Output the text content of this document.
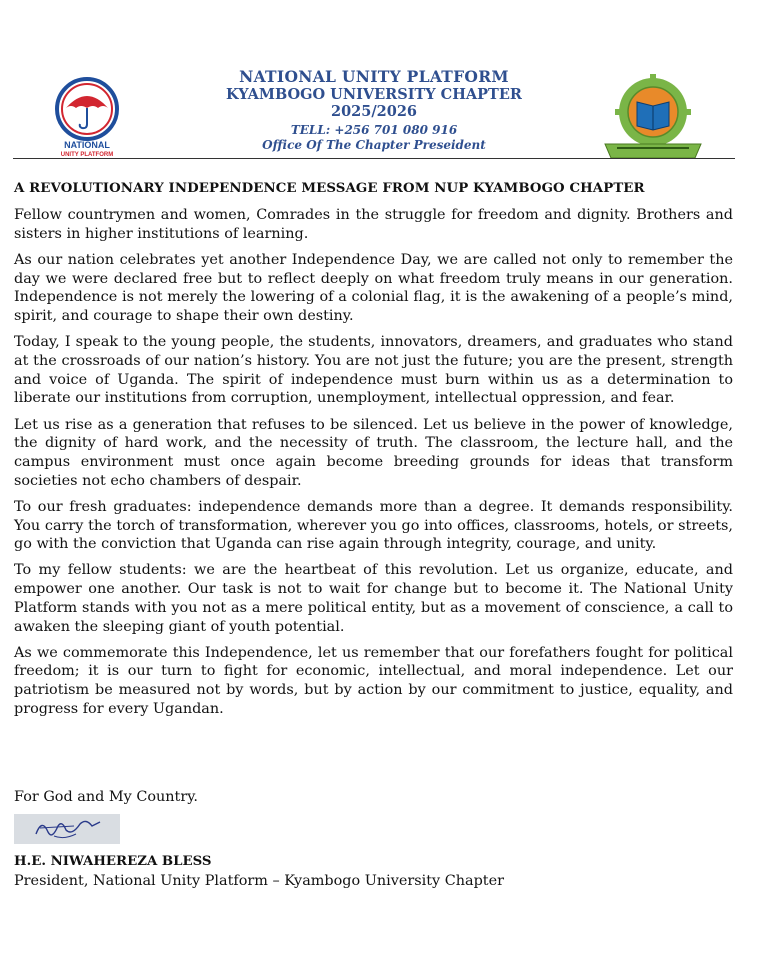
NATIONAL
UNITY PLATFORM
NATIONAL UNITY PLATFORM
KYAMBOGO UNIVERSITY CHAPTER
2025/2026
TELL: +256 701 080 916
Office Of The Chapter Preseident
A REVOLUTIONARY INDEPENDENCE MESSAGE FROM NUP KYAMBOGO CHAPTER

Fellow countrymen and women, Comrades in the struggle for freedom and dignity. Brothers and sisters in higher institutions of learning.

As our nation celebrates yet another Independence Day, we are called not only to remember the day we were declared free but to reflect deeply on what freedom truly means in our generation. Independence is not merely the lowering of a colonial flag, it is the awakening of a people’s mind, spirit, and courage to shape their own destiny.

Today, I speak to the young people, the students, innovators, dreamers, and graduates who stand at the crossroads of our nation’s history. You are not just the future; you are the present, strength and voice of Uganda. The spirit of independence must burn within us as a determination to liberate our institutions from corruption, unemployment, intellectual oppression, and fear.

Let us rise as a generation that refuses to be silenced. Let us believe in the power of knowledge, the dignity of hard work, and the necessity of truth. The classroom, the lecture hall, and the campus environment must once again become breeding grounds for ideas that transform societies not echo chambers of despair.

To our fresh graduates: independence demands more than a degree. It demands responsibility. You carry the torch of transformation, wherever you go into offices, classrooms, hotels, or streets, go with the conviction that Uganda can rise again through integrity, courage, and unity.

To my fellow students: we are the heartbeat of this revolution. Let us organize, educate, and empower one another. Our task is not to wait for change but to become it. The National Unity Platform stands with you not as a mere political entity, but as a movement of conscience, a call to awaken the sleeping giant of youth potential.

As we commemorate this Independence, let us remember that our forefathers fought for political freedom; it is our turn to fight for economic, intellectual, and moral independence. Let our patriotism be measured not by words, but by action by our commitment to justice, equality, and progress for every Ugandan.

For God and My Country.
H.E. NIWAHEREZA BLESS
President, National Unity Platform – Kyambogo University Chapter
